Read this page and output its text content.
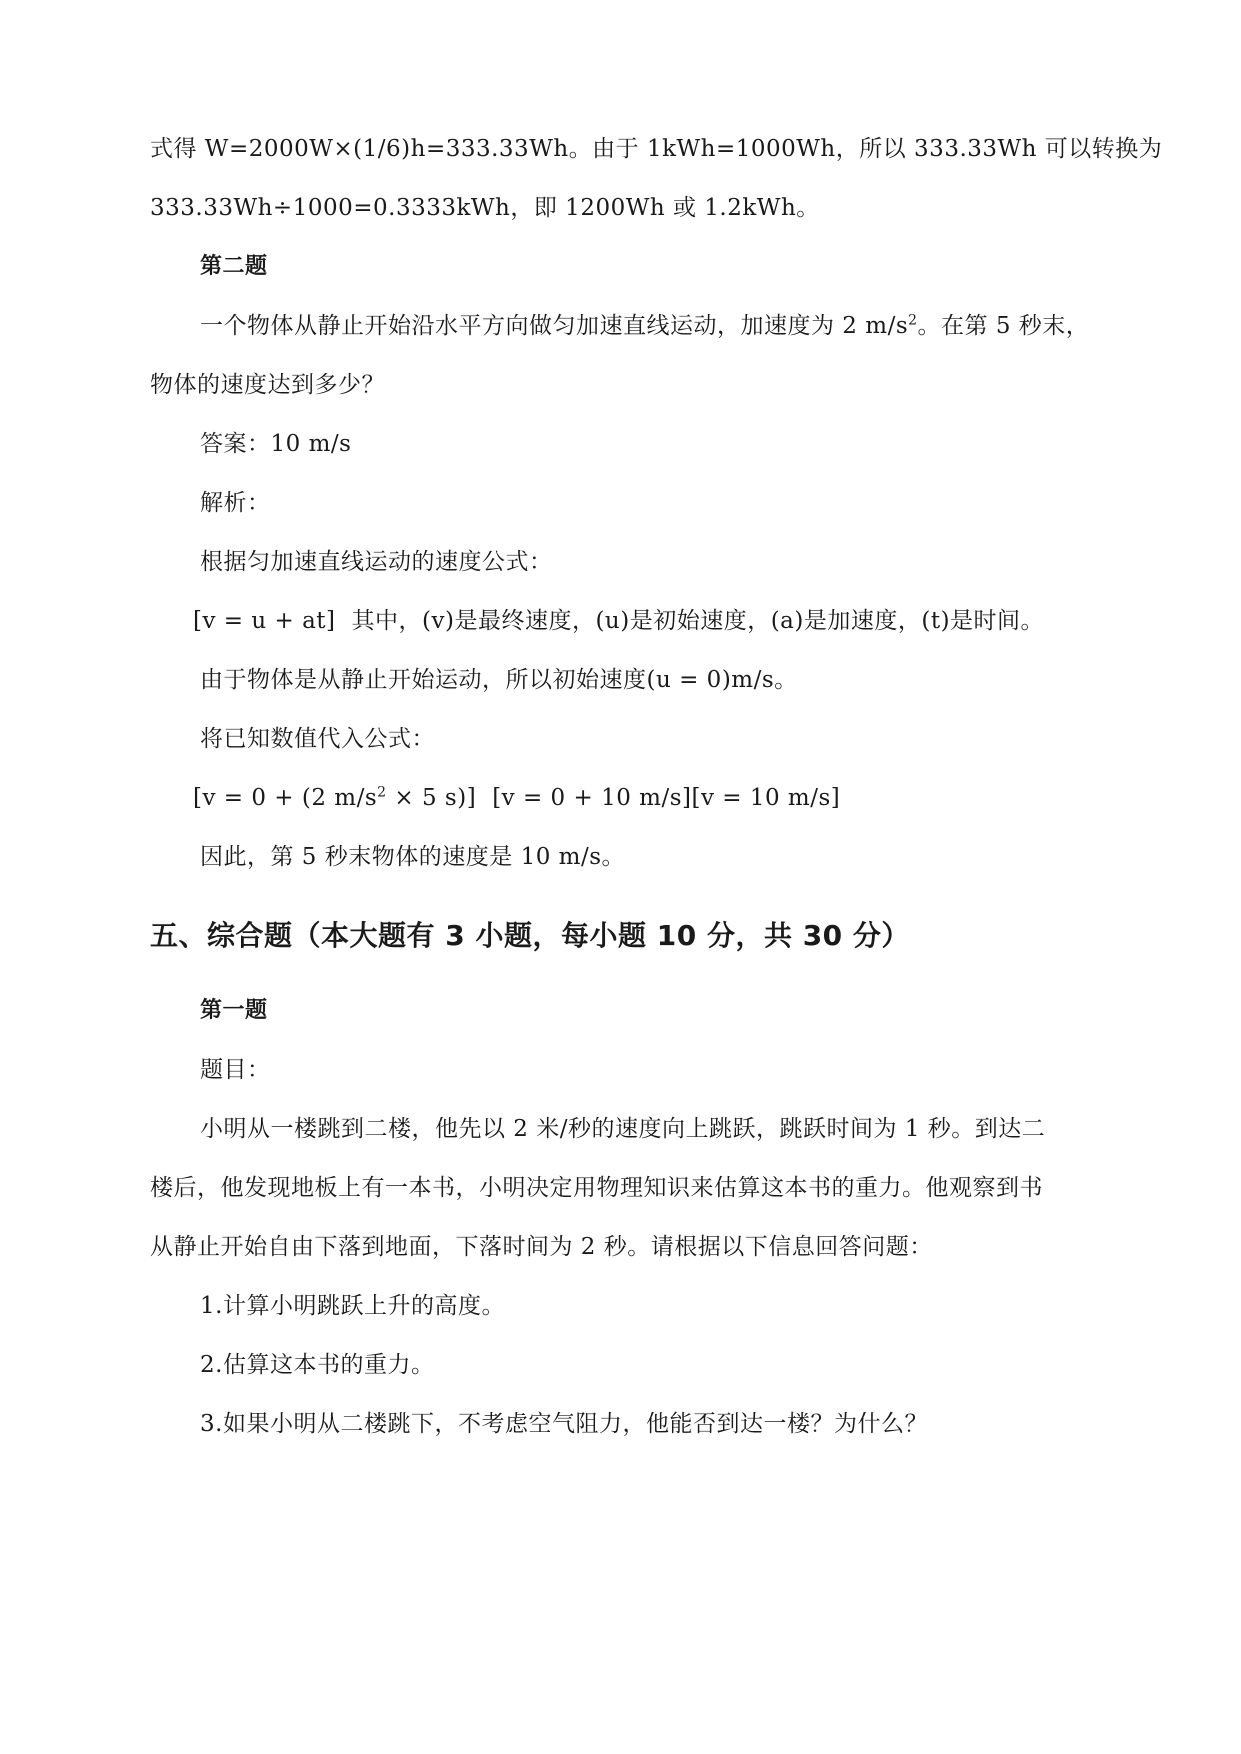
式得 W=2000W×(1/6)h=333.33Wh。由于 1kWh=1000Wh，所以 333.33Wh 可以转换为
333.33Wh÷1000=0.3333kWh，即 1200Wh 或 1.2kWh。
第二题
一个物体从静止开始沿水平方向做匀加速直线运动，加速度为 2 $m/s^2$。在第 5 秒末，
物体的速度达到多少？
答案：10 m/s
解析：
根据匀加速直线运动的速度公式：
[v = u + at] 其中，(v)是最终速度，(u)是初始速度，(a)是加速度，(t)是时间。
由于物体是从静止开始运动，所以初始速度(u = 0)m/s。
将已知数值代入公式：
[v = 0 + (2 $m/s^2 \times 5$ s)] [v = 0 + 10 m/s][v = 10 m/s]
因此，第 5 秒末物体的速度是 10 m/s。
五、综合题（本大题有 3 小题，每小题 10 分，共 30 分）
第一题
题目：
小明从一楼跳到二楼，他先以 2 米/秒的速度向上跳跃，跳跃时间为 1 秒。到达二
楼后，他发现地板上有一本书，小明决定用物理知识来估算这本书的重力。他观察到书
从静止开始自由下落到地面，下落时间为 2 秒。请根据以下信息回答问题：
1.计算小明跳跃上升的高度。
2.估算这本书的重力。
3.如果小明从二楼跳下，不考虑空气阻力，他能否到达一楼？为什么？
